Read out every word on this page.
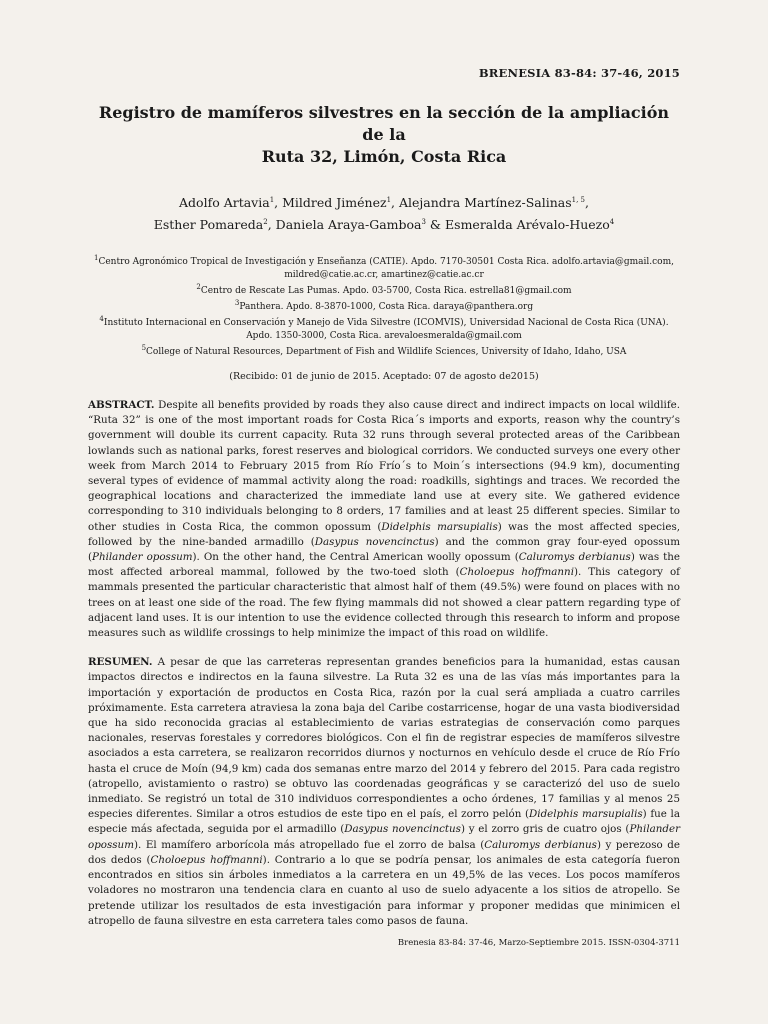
BRENESIA 83-84: 37-46, 2015
Registro de mamíferos silvestres en la sección de la ampliación de la
Ruta 32, Limón, Costa Rica
Adolfo Artavia$^1$, Mildred Jiménez$^1$, Alejandra Martínez-Salinas$^{1, 5}$,
Esther Pomareda$^2$, Daniela Araya-Gamboa$^3$ & Esmeralda Arévalo-Huezo$^4$

$^1$Centro Agronómico Tropical de Investigación y Enseñanza (CATIE). Apdo. 7170-30501 Costa Rica. adolfo.artavia@gmail.com, mildred@catie.ac.cr, amartinez@catie.ac.cr

$^2$Centro de Rescate Las Pumas. Apdo. 03-5700, Costa Rica. estrella81@gmail.com

$^3$Panthera. Apdo. 8-3870-1000, Costa Rica. daraya@panthera.org

$^4$Instituto Internacional en Conservación y Manejo de Vida Silvestre (ICOMVIS), Universidad Nacional de Costa Rica (UNA). Apdo. 1350-3000, Costa Rica. arevaloesmeralda@gmail.com

$^5$College of Natural Resources, Department of Fish and Wildlife Sciences, University of Idaho, Idaho, USA

(Recibido: 01 de junio de 2015. Aceptado: 07 de agosto de2015)

ABSTRACT. Despite all benefits provided by roads they also cause direct and indirect impacts on local wildlife. “Ruta 32” is one of the most important roads for Costa Rica´s imports and exports, reason why the country’s government will double its current capacity. Ruta 32 runs through several protected areas of the Caribbean lowlands such as national parks, forest reserves and biological corridors. We conducted surveys one every other week from March 2014 to February 2015 from Río Frío´s to Moin´s intersections (94.9 km), documenting several types of evidence of mammal activity along the road: roadkills, sightings and traces. We recorded the geographical locations and characterized the immediate land use at every site. We gathered evidence corresponding to 310 individuals belonging to 8 orders, 17 families and at least 25 different species. Similar to other studies in Costa Rica, the common opossum (Didelphis marsupialis) was the most affected species, followed by the nine-banded armadillo (Dasypus novencinctus) and the common gray four-eyed opossum (Philander opossum). On the other hand, the Central American woolly opossum (Caluromys derbianus) was the most affected arboreal mammal, followed by the two-toed sloth (Choloepus hoffmanni). This category of mammals presented the particular characteristic that almost half of them (49.5%) were found on places with no trees on at least one side of the road. The few flying mammals did not showed a clear pattern regarding type of adjacent land uses. It is our intention to use the evidence collected through this research to inform and propose measures such as wildlife crossings to help minimize the impact of this road on wildlife.

RESUMEN. A pesar de que las carreteras representan grandes beneficios para la humanidad, estas causan impactos directos e indirectos en la fauna silvestre. La Ruta 32 es una de las vías más importantes para la importación y exportación de productos en Costa Rica, razón por la cual será ampliada a cuatro carriles próximamente. Esta carretera atraviesa la zona baja del Caribe costarricense, hogar de una vasta biodiversidad que ha sido reconocida gracias al establecimiento de varias estrategias de conservación como parques nacionales, reservas forestales y corredores biológicos. Con el fin de registrar especies de mamíferos silvestre asociados a esta carretera, se realizaron recorridos diurnos y nocturnos en vehículo desde el cruce de Río Frío hasta el cruce de Moín (94,9 km) cada dos semanas entre marzo del 2014 y febrero del 2015. Para cada registro (atropello, avistamiento o rastro) se obtuvo las coordenadas geográficas y se caracterizó del uso de suelo inmediato. Se registró un total de 310 individuos correspondientes a ocho órdenes, 17 familias y al menos 25 especies diferentes. Similar a otros estudios de este tipo en el país, el zorro pelón (Didelphis marsupialis) fue la especie más afectada, seguida por el armadillo (Dasypus novencinctus) y el zorro gris de cuatro ojos (Philander opossum). El mamífero arborícola más atropellado fue el zorro de balsa (Caluromys derbianus) y perezoso de dos dedos (Choloepus hoffmanni). Contrario a lo que se podría pensar, los animales de esta categoría fueron encontrados en sitios sin árboles inmediatos a la carretera en un 49,5% de las veces. Los pocos mamíferos voladores no mostraron una tendencia clara en cuanto al uso de suelo adyacente a los sitios de atropello. Se pretende utilizar los resultados de esta investigación para informar y proponer medidas que minimicen el atropello de fauna silvestre en esta carretera tales como pasos de fauna.

Brenesia 83-84: 37-46, Marzo-Septiembre 2015. ISSN-0304-3711
